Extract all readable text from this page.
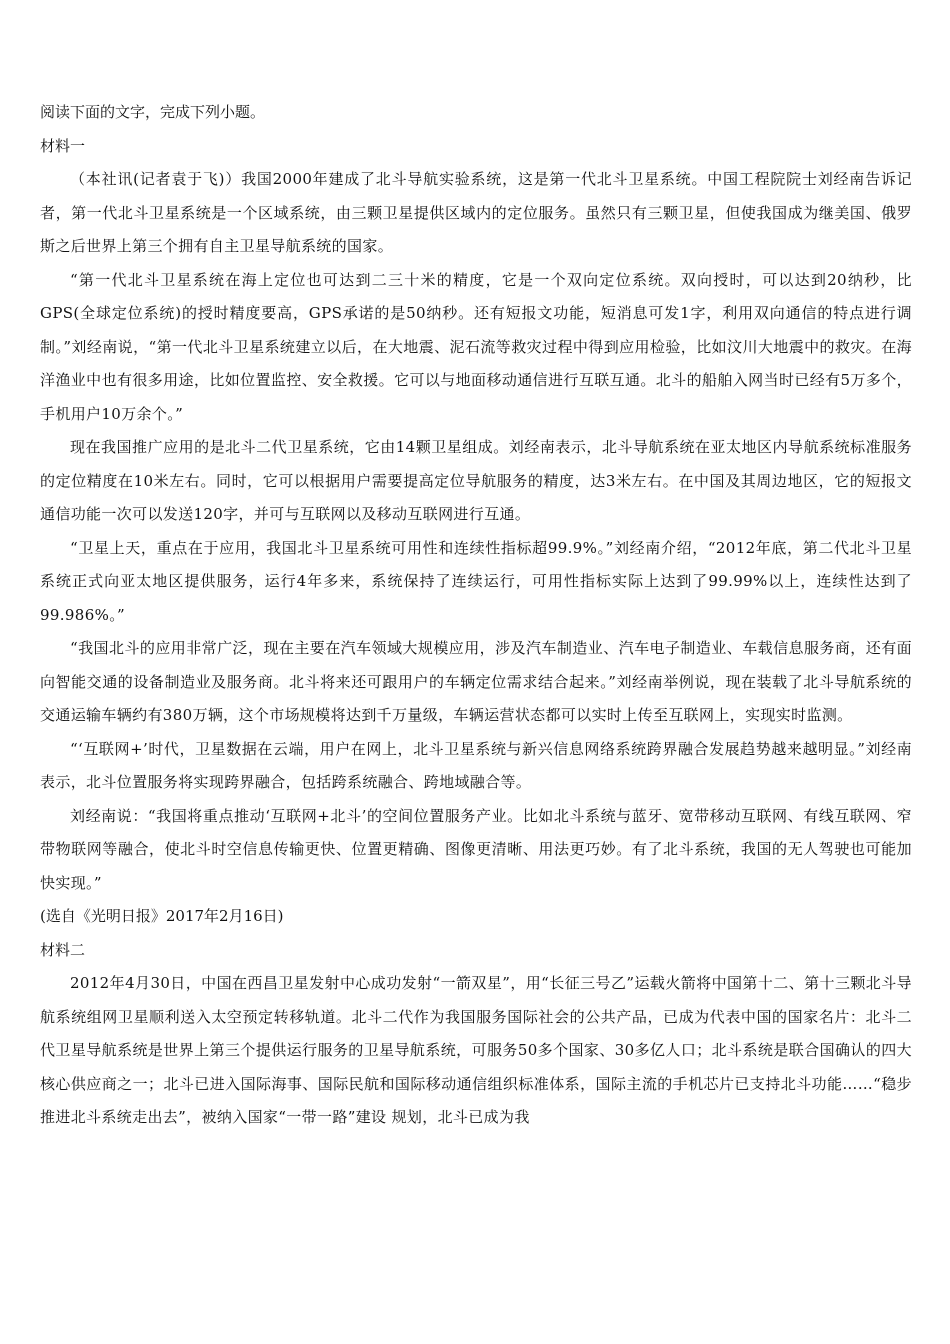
阅读下面的文字，完成下列小题。

材料一

（本社讯(记者袁于飞)）我国2000年建成了北斗导航实验系统，这是第一代北斗卫星系统。中国工程院院士刘经南告诉记者，第一代北斗卫星系统是一个区域系统，由三颗卫星提供区域内的定位服务。虽然只有三颗卫星，但使我国成为继美国、俄罗斯之后世界上第三个拥有自主卫星导航系统的国家。

“第一代北斗卫星系统在海上定位也可达到二三十米的精度，它是一个双向定位系统。双向授时，可以达到20纳秒，比GPS(全球定位系统)的授时精度要高，GPS承诺的是50纳秒。还有短报文功能，短消息可发1字，利用双向通信的特点进行调制。”刘经南说，“第一代北斗卫星系统建立以后，在大地震、泥石流等救灾过程中得到应用检验，比如汶川大地震中的救灾。在海洋渔业中也有很多用途，比如位置监控、安全救援。它可以与地面移动通信进行互联互通。北斗的船舶入网当时已经有5万多个，手机用户10万余个。”

现在我国推广应用的是北斗二代卫星系统，它由14颗卫星组成。刘经南表示，北斗导航系统在亚太地区内导航系统标准服务的定位精度在10米左右。同时，它可以根据用户需要提高定位导航服务的精度，达3米左右。在中国及其周边地区，它的短报文通信功能一次可以发送120字，并可与互联网以及移动互联网进行互通。

“卫星上天，重点在于应用，我国北斗卫星系统可用性和连续性指标超99.9%。”刘经南介绍，“2012年底，第二代北斗卫星系统正式向亚太地区提供服务，运行4年多来，系统保持了连续运行，可用性指标实际上达到了99.99%以上，连续性达到了99.986%。”

“我国北斗的应用非常广泛，现在主要在汽车领域大规模应用，涉及汽车制造业、汽车电子制造业、车载信息服务商，还有面向智能交通的设备制造业及服务商。北斗将来还可跟用户的车辆定位需求结合起来。”刘经南举例说，现在装载了北斗导航系统的交通运输车辆约有380万辆，这个市场规模将达到千万量级，车辆运营状态都可以实时上传至互联网上，实现实时监测。

“‘互联网+’时代，卫星数据在云端，用户在网上，北斗卫星系统与新兴信息网络系统跨界融合发展趋势越来越明显。”刘经南表示，北斗位置服务将实现跨界融合，包括跨系统融合、跨地域融合等。

刘经南说：“我国将重点推动‘互联网+北斗’的空间位置服务产业。比如北斗系统与蓝牙、宽带移动互联网、有线互联网、窄带物联网等融合，使北斗时空信息传输更快、位置更精确、图像更清晰、用法更巧妙。有了北斗系统，我国的无人驾驶也可能加快实现。”

(选自《光明日报》2017年2月16日)

材料二

2012年4月30日，中国在西昌卫星发射中心成功发射“一箭双星”，用“长征三号乙”运载火箭将中国第十二、第十三颗北斗导航系统组网卫星顺利送入太空预定转移轨道。北斗二代作为我国服务国际社会的公共产品，已成为代表中国的国家名片：北斗二代卫星导航系统是世界上第三个提供运行服务的卫星导航系统，可服务50多个国家、30多亿人口；北斗系统是联合国确认的四大核心供应商之一；北斗已进入国际海事、国际民航和国际移动通信组织标准体系，国际主流的手机芯片已支持北斗功能……“稳步推进北斗系统走出去”，被纳入国家“一带一路”建设 规划，北斗已成为我
